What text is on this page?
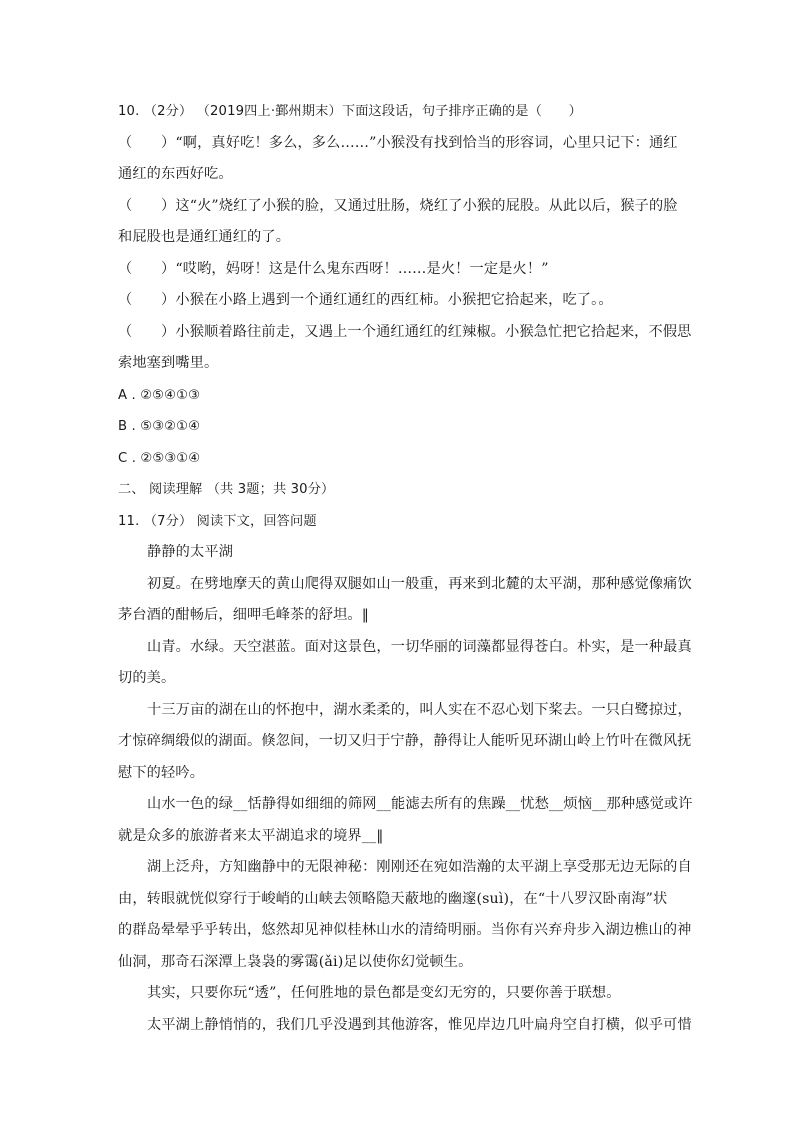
10. （2分） （2019四上·鄞州期末）下面这段话，句子排序正确的是（　　）
（　　）“啊，真好吃！多么，多么……”小猴没有找到恰当的形容词，心里只记下：通红
通红的东西好吃。
（　　）这“火”烧红了小猴的脸，又通过肚肠，烧红了小猴的屁股。从此以后，猴子的脸
和屁股也是通红通红的了。
（　　）“哎哟，妈呀！这是什么鬼东西呀！……是火！一定是火！”
（　　）小猴在小路上遇到一个通红通红的西红柿。小猴把它拾起来，吃了。。
（　　）小猴顺着路往前走，又遇上一个通红通红的红辣椒。小猴急忙把它拾起来，不假思
索地塞到嘴里。
A . ②⑤④①③
B . ⑤③②①④
C . ②⑤③①④
二、 阅读理解 （共 3题；共 30分）
11. （7分） 阅读下文，回答问题
静静的太平湖
初夏。在劈地摩天的黄山爬得双腿如山一般重，再来到北麓的太平湖，那种感觉像痛饮
茅台酒的酣畅后，细呷毛峰茶的舒坦。‖
山青。水绿。天空湛蓝。面对这景色，一切华丽的词藻都显得苍白。朴实，是一种最真
切的美。
十三万亩的湖在山的怀抱中，湖水柔柔的，叫人实在不忍心划下桨去。一只白鹭掠过，
才惊碎绸缎似的湖面。倏忽间，一切又归于宁静，静得让人能听见环湖山岭上竹叶在微风抚
慰下的轻吟。
山水一色的绿__恬静得如细细的筛网__能滤去所有的焦躁__忧愁__烦恼__那种感觉或许
就是众多的旅游者来太平湖追求的境界__‖
湖上泛舟，方知幽静中的无限神秘：刚刚还在宛如浩瀚的太平湖上享受那无边无际的自
由，转眼就恍似穿行于峻峭的山峡去领略隐天蔽地的幽邃(suì)，在“十八罗汉卧南海”状
的群岛晕晕乎乎转出，悠然却见神似桂林山水的清绮明丽。当你有兴弃舟步入湖边樵山的神
仙洞，那奇石深潭上袅袅的雾霭(ǎi)足以使你幻觉顿生。
其实，只要你玩“透”，任何胜地的景色都是变幻无穷的，只要你善于联想。
太平湖上静悄悄的，我们几乎没遇到其他游客，惟见岸边几叶扁舟空自打横，似乎可惜
